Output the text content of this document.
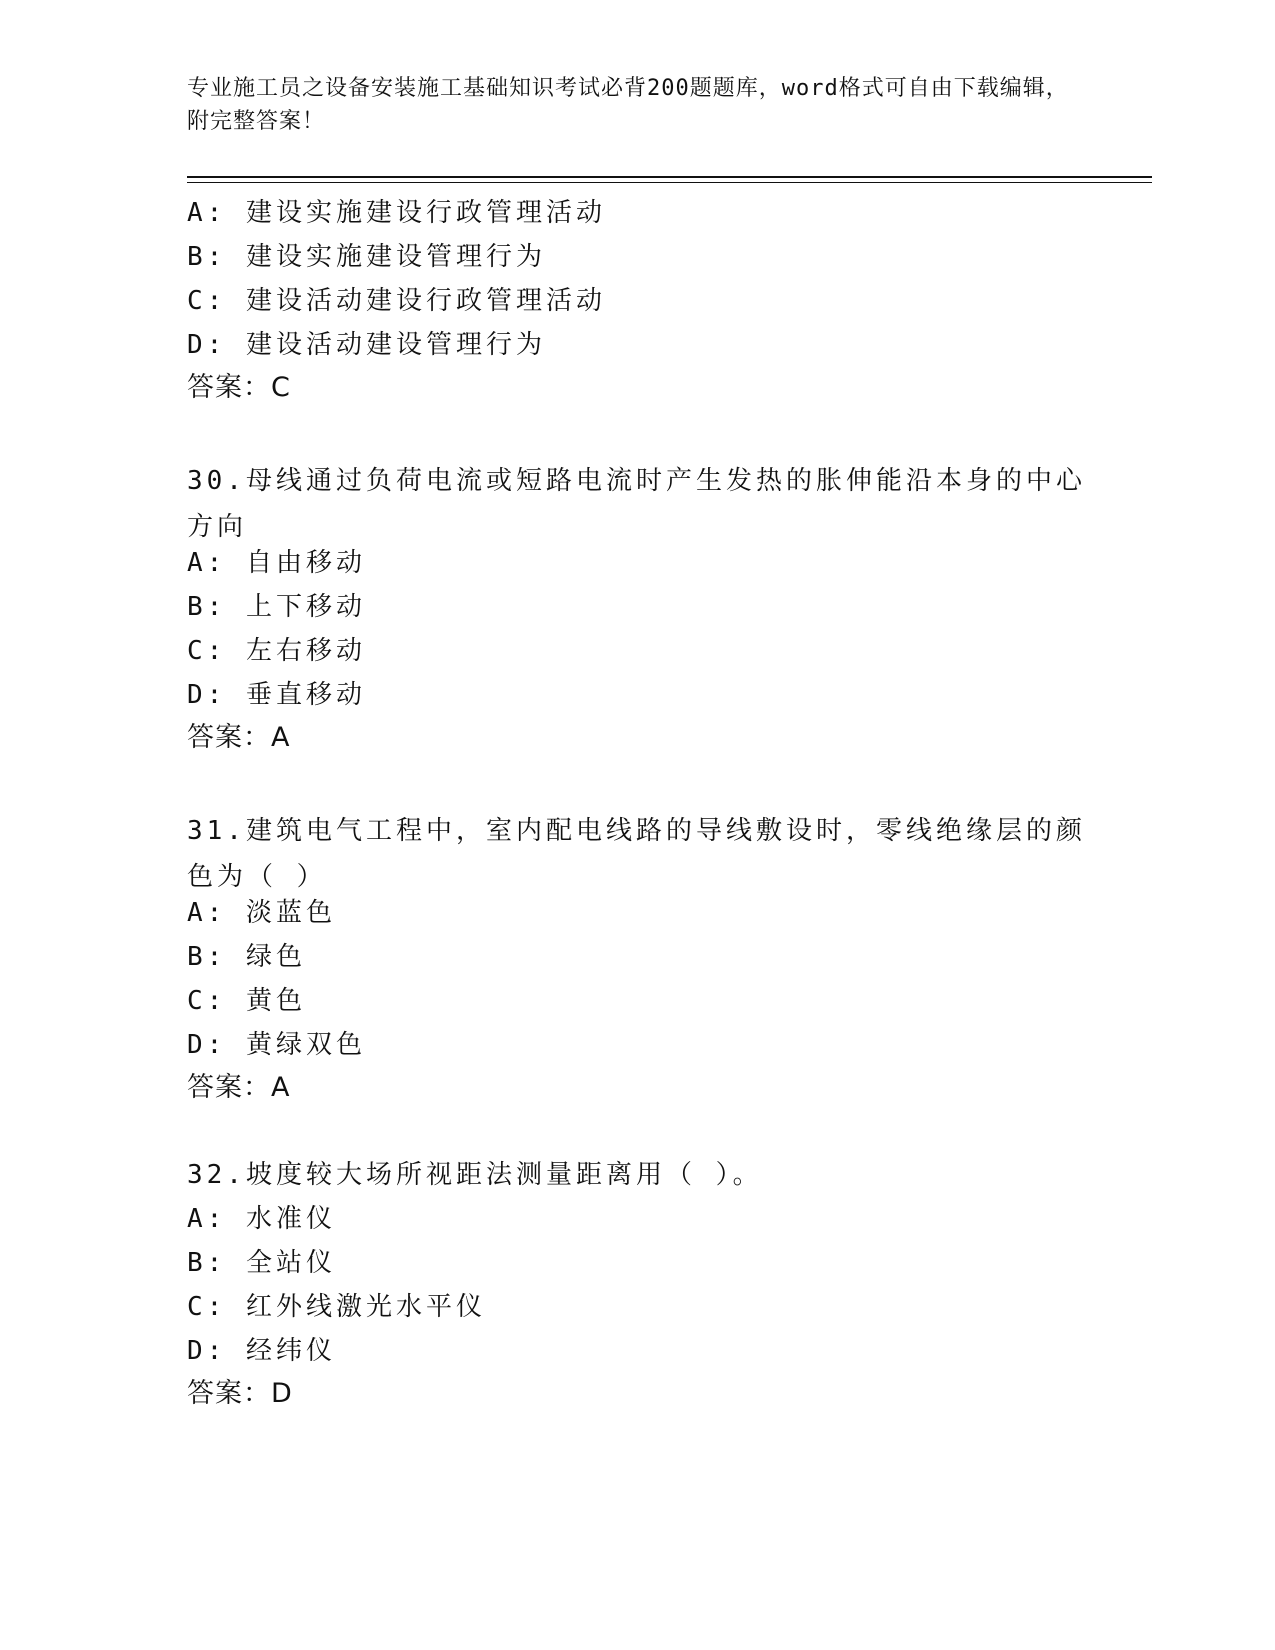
专业施工员之设备安装施工基础知识考试必背200题题库，word格式可自由下载编辑，附完整答案！
A: 建设实施建设行政管理活动
B: 建设实施建设管理行为
C: 建设活动建设行政管理活动
D: 建设活动建设管理行为
答案：C
30.母线通过负荷电流或短路电流时产生发热的胀伸能沿本身的中心方向
A: 自由移动
B: 上下移动
C: 左右移动
D: 垂直移动
答案：A
31.建筑电气工程中，室内配电线路的导线敷设时，零线绝缘层的颜色为（ ）
A: 淡蓝色
B: 绿色
C: 黄色
D: 黄绿双色
答案：A
32.坡度较大场所视距法测量距离用（ ）。
A: 水准仪
B: 全站仪
C: 红外线激光水平仪
D: 经纬仪
答案：D
